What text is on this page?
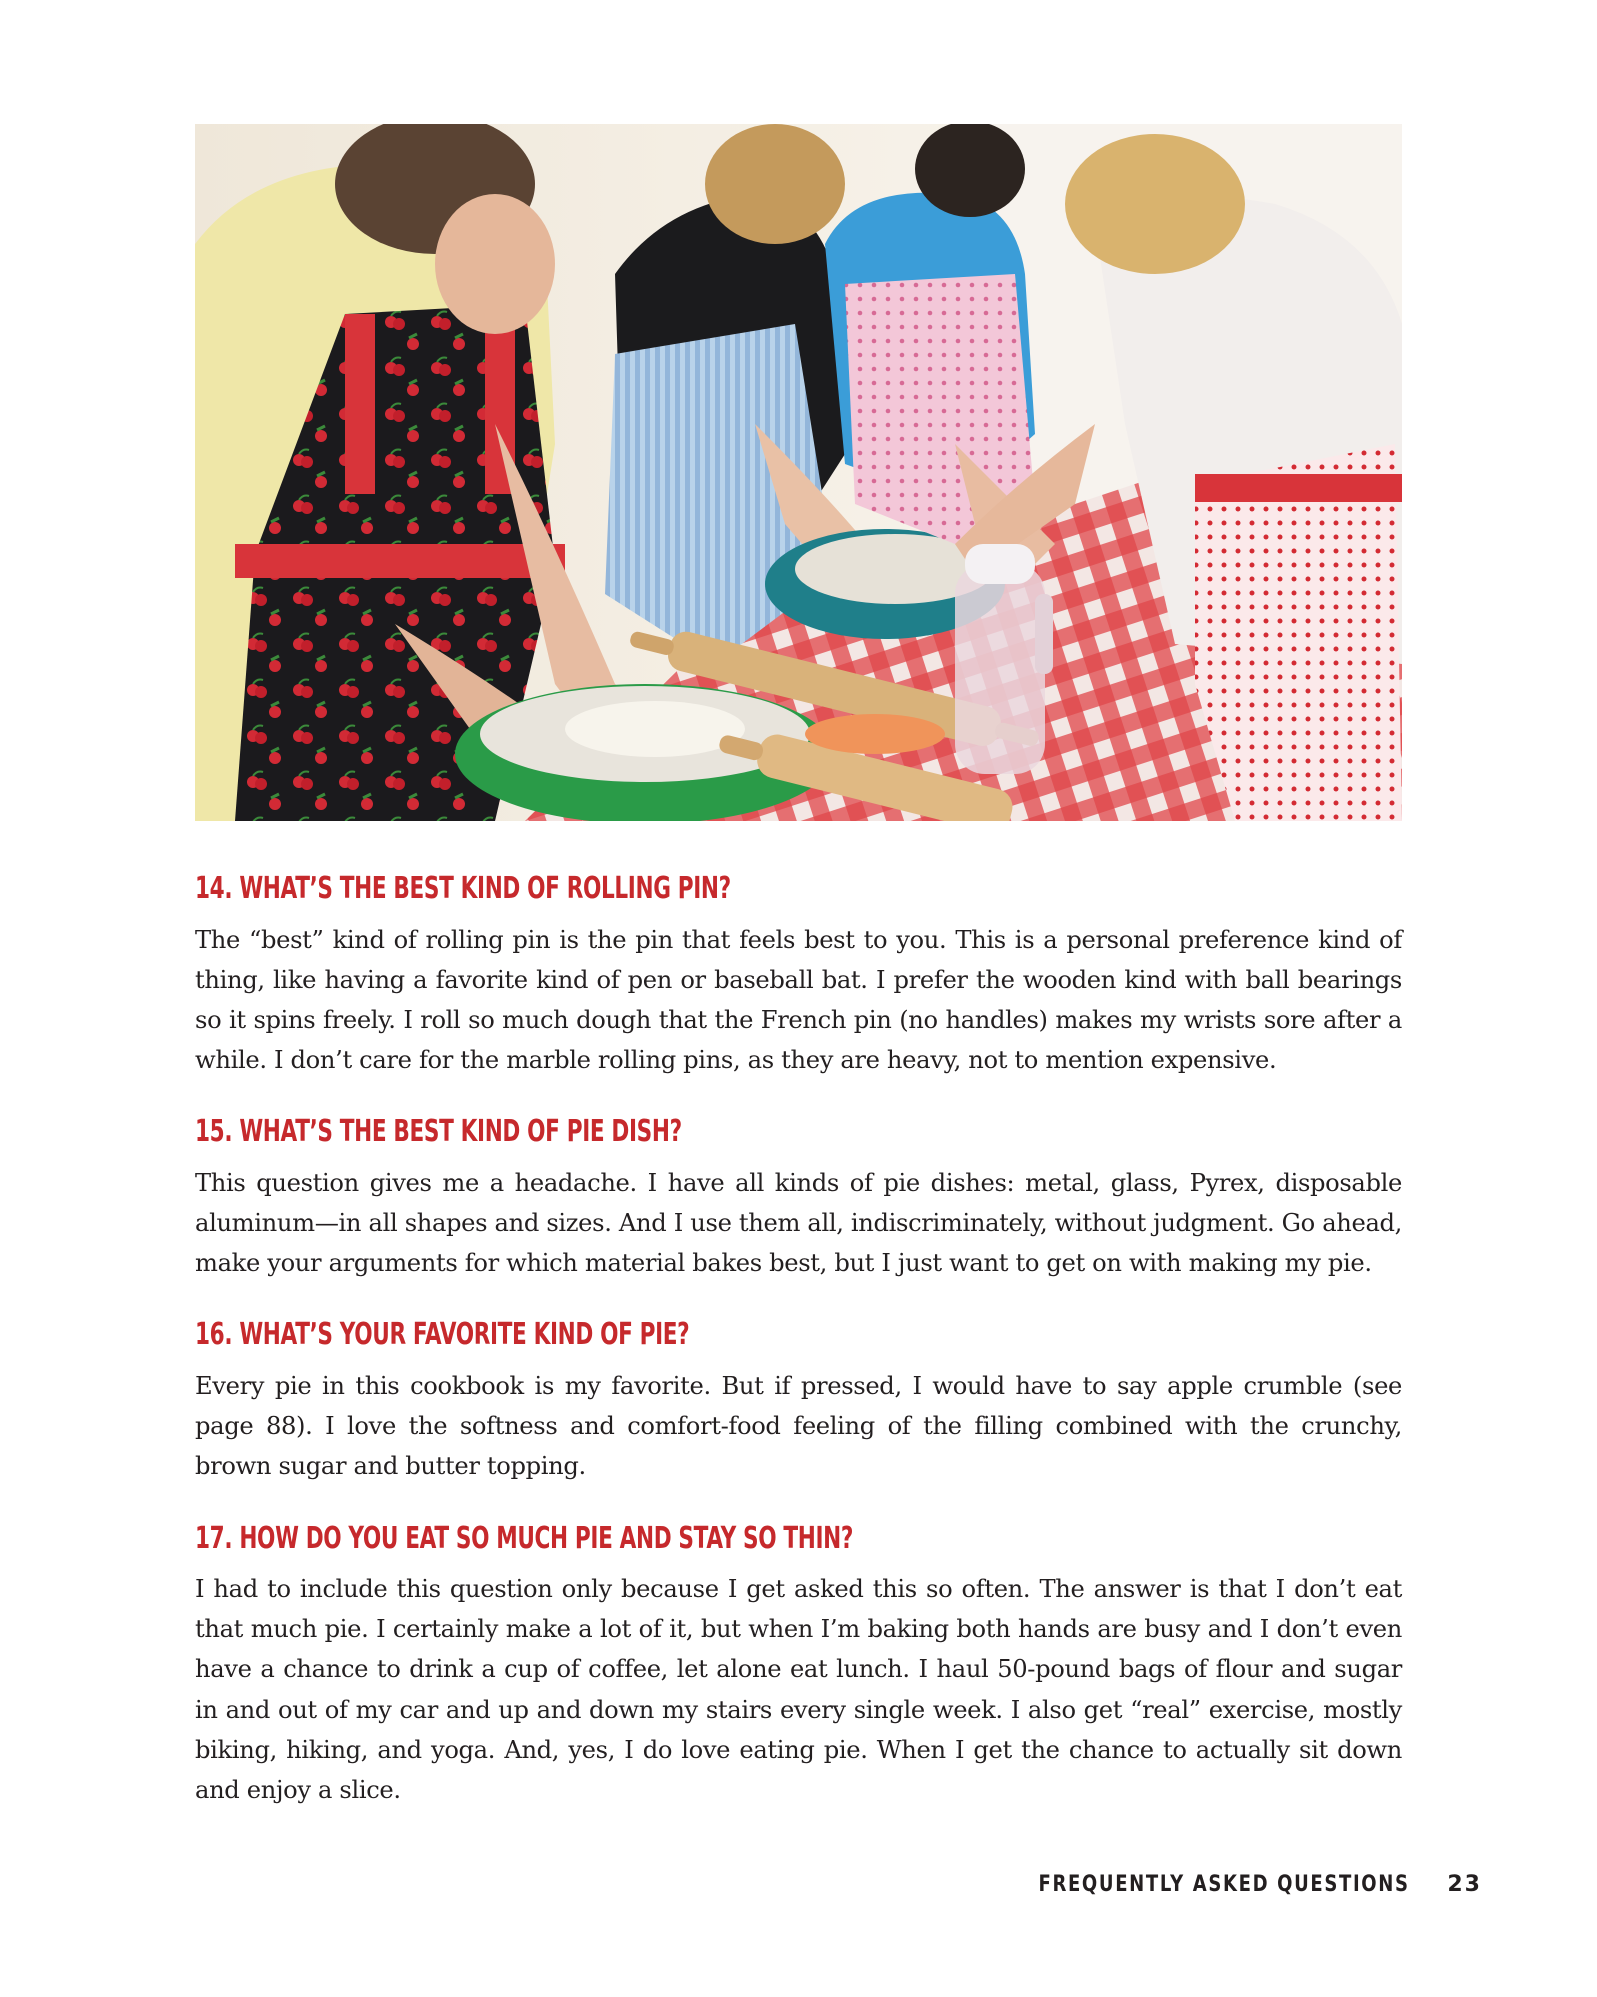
14. WHAT’S THE BEST KIND OF ROLLING PIN?

The “best” kind of rolling pin is the pin that feels best to you. This is a personal preference kind of thing, like having a favorite kind of pen or baseball bat. I prefer the wooden kind with ball bearings so it spins freely. I roll so much dough that the French pin (no handles) makes my wrists sore after a while. I don’t care for the marble rolling pins, as they are heavy, not to mention expensive.

15. WHAT’S THE BEST KIND OF PIE DISH?

This question gives me a headache. I have all kinds of pie dishes: metal, glass, Pyrex, disposable aluminum—in all shapes and sizes. And I use them all, indiscriminately, without judgment. Go ahead, make your arguments for which material bakes best, but I just want to get on with making my pie.

16. WHAT’S YOUR FAVORITE KIND OF PIE?

Every pie in this cookbook is my favorite. But if pressed, I would have to say apple crumble (see page 88). I love the softness and comfort-food feeling of the filling combined with the crunchy, brown sugar and butter topping.

17. HOW DO YOU EAT SO MUCH PIE AND STAY SO THIN?

I had to include this question only because I get asked this so often. The answer is that I don’t eat that much pie. I certainly make a lot of it, but when I’m baking both hands are busy and I don’t even have a chance to drink a cup of coffee, let alone eat lunch. I haul 50-pound bags of flour and sugar in and out of my car and up and down my stairs every single week. I also get “real” exercise, mostly biking, hiking, and yoga. And, yes, I do love eating pie. When I get the chance to actually sit down and enjoy a slice.

FREQUENTLY ASKED QUESTIONS 23
